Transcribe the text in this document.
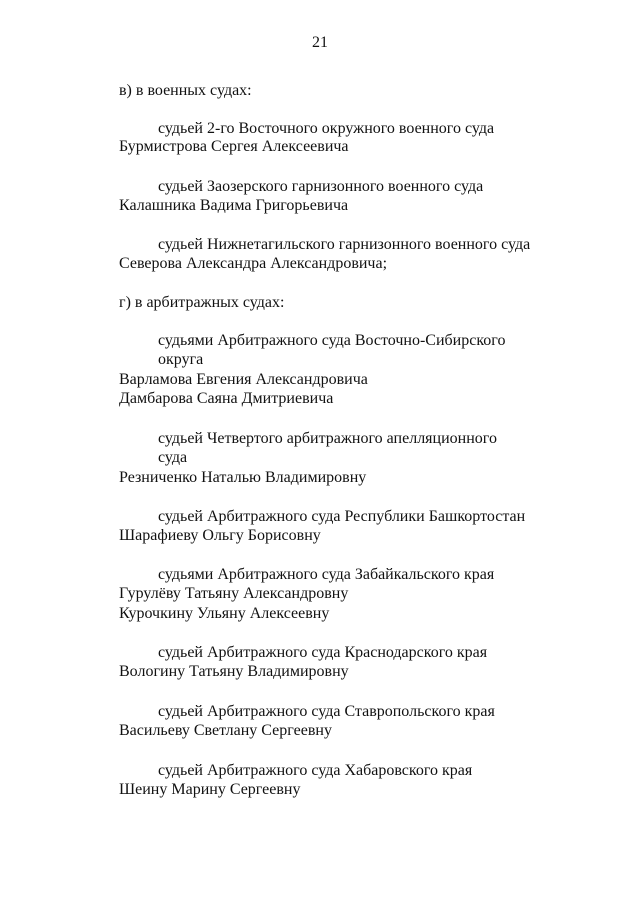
21
в) в военных судах:
судьей 2-го Восточного окружного военного суда
Бурмистрова Сергея Алексеевича
судьей Заозерского гарнизонного военного суда
Калашника Вадима Григорьевича
судьей Нижнетагильского гарнизонного военного суда
Северова Александра Александровича;
г) в арбитражных судах:
судьями Арбитражного суда Восточно-Сибирского
округа
Варламова Евгения Александровича
Дамбарова Саяна Дмитриевича
судьей Четвертого арбитражного апелляционного
суда
Резниченко Наталью Владимировну
судьей Арбитражного суда Республики Башкортостан
Шарафиеву Ольгу Борисовну
судьями Арбитражного суда Забайкальского края
Гурулёву Татьяну Александровну
Курочкину Ульяну Алексеевну
судьей Арбитражного суда Краснодарского края
Вологину Татьяну Владимировну
судьей Арбитражного суда Ставропольского края
Васильеву Светлану Сергеевну
судьей Арбитражного суда Хабаровского края
Шеину Марину Сергеевну
